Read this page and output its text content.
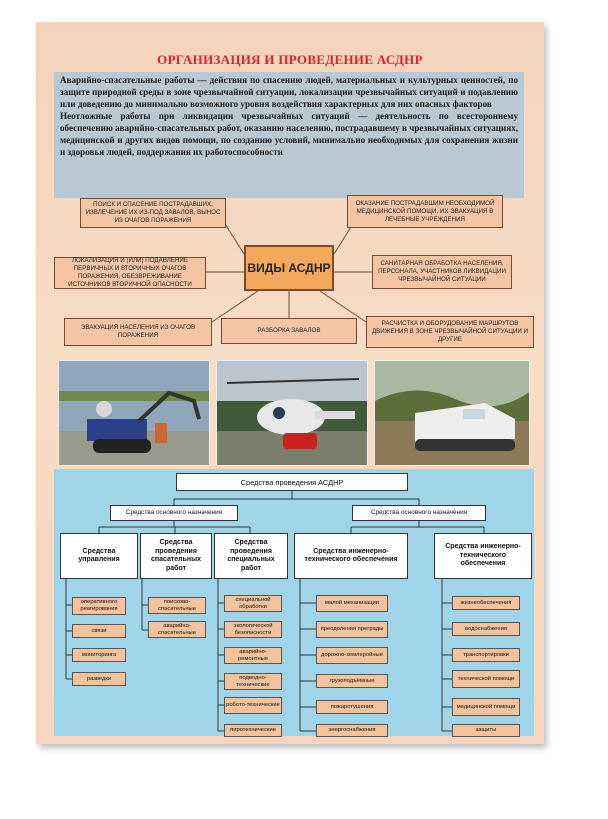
ОРГАНИЗАЦИЯ И ПРОВЕДЕНИЕ АСДНР

Аварийно-спасательные работы — действия по спасению людей, материальных и культурных ценностей, по защите природной среды в зоне чрезвычайной ситуации, локализации чрезвычайных ситуаций и подавлению или доведению до минимально возможного уровня воздействия характерных для них опасных факторов

Неотложные работы при ликвидации чрезвычайных ситуаций — деятельность по всестороннему обеспечению аварийно-спасательных работ, оказанию населению, пострадавшему в чрезвычайных ситуациях, медицинской и других видов помощи, по созданию условий, минимально необходимых для сохранения жизни и здоровья людей, поддержания их работоспособности

ВИДЫ АСДНР
ПОИСК И СПАСЕНИЕ ПОСТРАДАВШИХ, ИЗВЛЕЧЕНИЕ ИХ ИЗ-ПОД ЗАВАЛОВ, ВЫНОС ИЗ ОЧАГОВ ПОРАЖЕНИЯ
ЛОКАЛИЗАЦИЯ И (ИЛИ) ПОДАВЛЕНИЕ ПЕРВИЧНЫХ И ВТОРИЧНЫХ ОЧАГОВ ПОРАЖЕНИЯ, ОБЕЗВРЕЖИВАНИЕ ИСТОЧНИКОВ ВТОРИЧНОЙ ОПАСНОСТИ
ЭВАКУАЦИЯ НАСЕЛЕНИЯ ИЗ ОЧАГОВ ПОРАЖЕНИЯ
РАЗБОРКА ЗАВАЛОВ
ОКАЗАНИЕ ПОСТРАДАВШИМ НЕОБХОДИМОЙ МЕДИЦИНСКОЙ ПОМОЩИ, ИХ ЭВАКУАЦИЯ В ЛЕЧЕБНЫЕ УЧРЕЖДЕНИЯ
САНИТАРНАЯ ОБРАБОТКА НАСЕЛЕНИЯ, ПЕРСОНАЛА, УЧАСТНИКОВ ЛИКВИДАЦИИ ЧРЕЗВЫЧАЙНОЙ СИТУАЦИИ
РАСЧИСТКА И ОБОРУДОВАНИЕ МАРШРУТОВ ДВИЖЕНИЯ В ЗОНЕ ЧРЕЗВЫЧАЙНОЙ СИТУАЦИИ И ДРУГИЕ
Средства проведения АСДНР
Средства основного назначения	Средства основного назначения
Средства управления
Средства проведения спасательных работ
Средства проведения специальных работ
Средства инженерно-технического обеспечения
Средства инженерно-технического обеспечения
оперативного реагирования
связи
мониторинга
разведки
поисково-спасательные
аварийно-спасательные
специальной обработки
экологической безопасности
аварийно-ремонтные
подводно-технические
робото-технические
пиротехнические
малой механизации
преодоления преграды
дорожно-землеройные
грузоподъёмные
пожаротушения
энергоснабжения
жизнеобеспечения
водоснабжения
транспортировки
технической помощи
медицинской помощи
защиты
